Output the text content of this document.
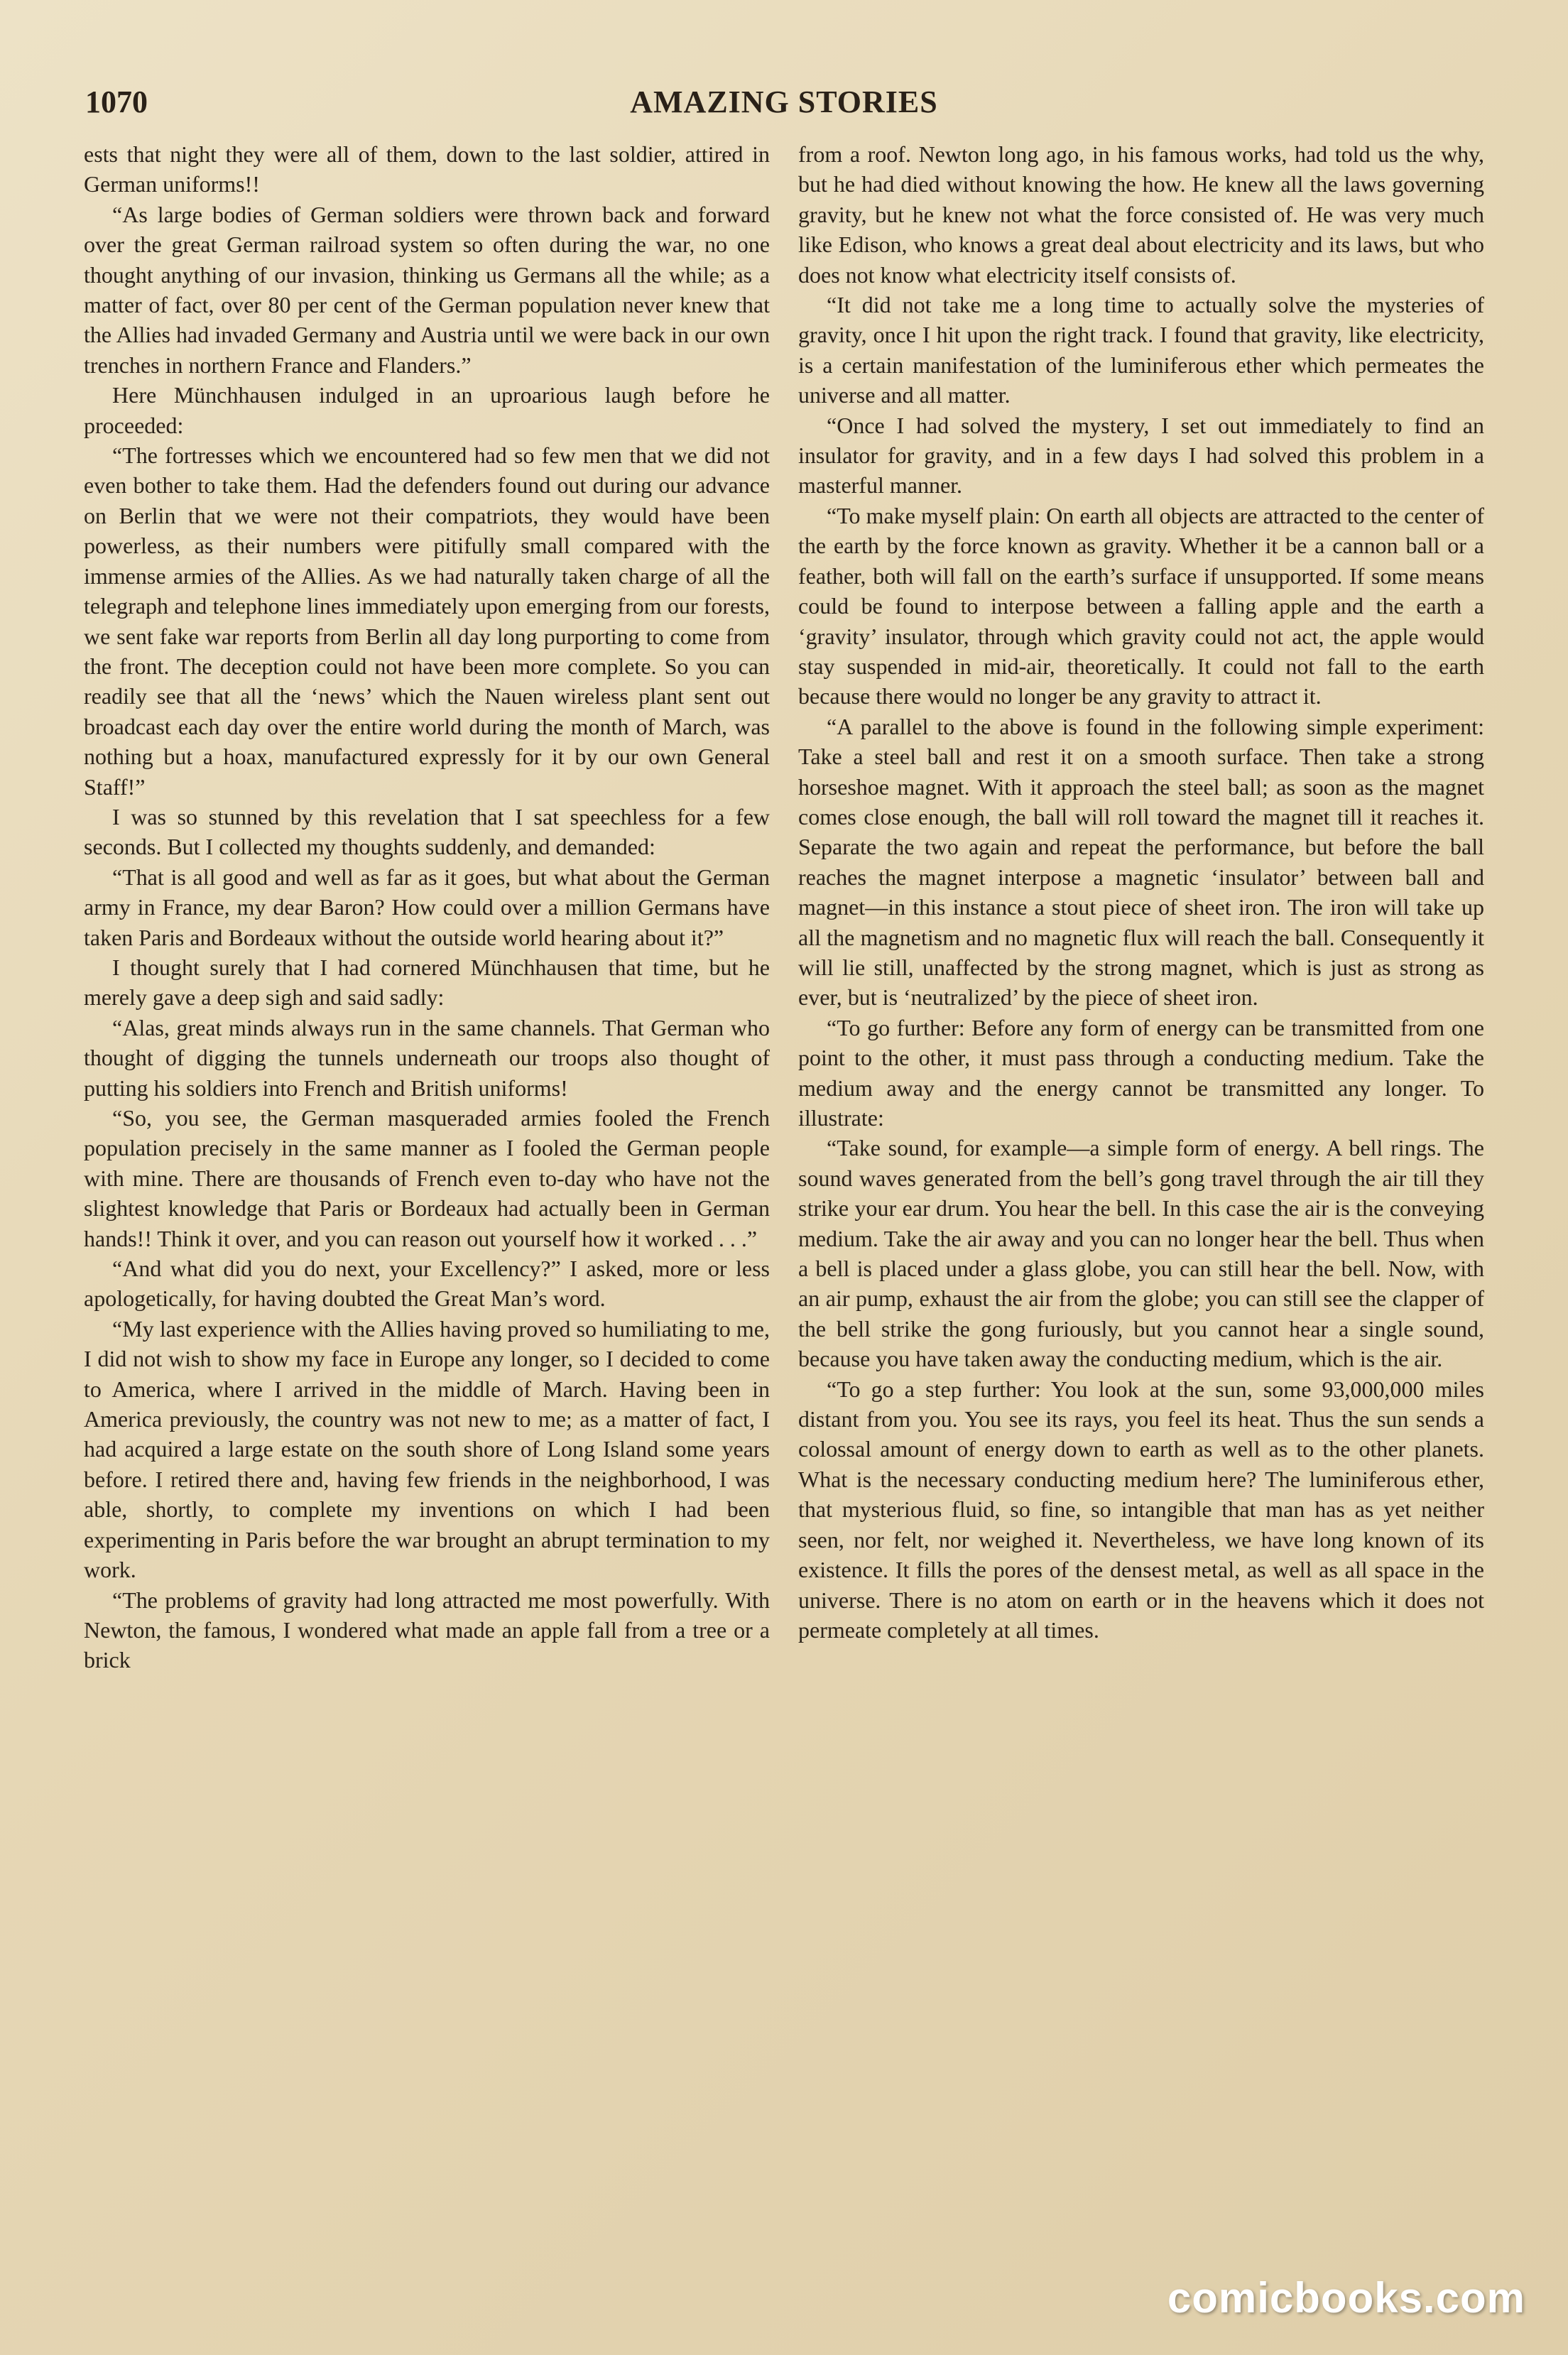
1070	AMAZING STORIES

ests that night they were all of them, down to the last soldier, attired in German uniforms!!

“As large bodies of German soldiers were thrown back and forward over the great German railroad system so often during the war, no one thought anything of our invasion, thinking us Germans all the while; as a matter of fact, over 80 per cent of the German population never knew that the Allies had invaded Germany and Austria until we were back in our own trenches in northern France and Flanders.”

Here Münchhausen indulged in an uproarious laugh before he proceeded:

“The fortresses which we encountered had so few men that we did not even bother to take them. Had the defenders found out during our advance on Berlin that we were not their compatriots, they would have been powerless, as their numbers were pitifully small compared with the immense armies of the Allies. As we had naturally taken charge of all the telegraph and telephone lines immediately upon emerging from our forests, we sent fake war reports from Berlin all day long purporting to come from the front. The deception could not have been more complete. So you can readily see that all the ‘news’ which the Nauen wireless plant sent out broadcast each day over the entire world during the month of March, was nothing but a hoax, manufactured expressly for it by our own General Staff!”

I was so stunned by this revelation that I sat speechless for a few seconds. But I collected my thoughts suddenly, and demanded:

“That is all good and well as far as it goes, but what about the German army in France, my dear Baron? How could over a million Germans have taken Paris and Bordeaux without the outside world hearing about it?”

I thought surely that I had cornered Münchhausen that time, but he merely gave a deep sigh and said sadly:

“Alas, great minds always run in the same channels. That German who thought of digging the tunnels underneath our troops also thought of putting his soldiers into French and British uniforms!

“So, you see, the German masqueraded armies fooled the French population precisely in the same manner as I fooled the German people with mine. There are thousands of French even to-day who have not the slightest knowledge that Paris or Bordeaux had actually been in German hands!! Think it over, and you can reason out yourself how it worked . . .”

“And what did you do next, your Excellency?” I asked, more or less apologetically, for having doubted the Great Man’s word.

“My last experience with the Allies having proved so humiliating to me, I did not wish to show my face in Europe any longer, so I decided to come to America, where I arrived in the middle of March. Having been in America previously, the country was not new to me; as a matter of fact, I had acquired a large estate on the south shore of Long Island some years before. I retired there and, having few friends in the neighborhood, I was able, shortly, to complete my inventions on which I had been experimenting in Paris before the war brought an abrupt termination to my work.

“The problems of gravity had long attracted me most powerfully. With Newton, the famous, I wondered what made an apple fall from a tree or a brick

from a roof. Newton long ago, in his famous works, had told us the why, but he had died without knowing the how. He knew all the laws governing gravity, but he knew not what the force consisted of. He was very much like Edison, who knows a great deal about electricity and its laws, but who does not know what electricity itself consists of.

“It did not take me a long time to actually solve the mysteries of gravity, once I hit upon the right track. I found that gravity, like electricity, is a certain manifestation of the luminiferous ether which permeates the universe and all matter.

“Once I had solved the mystery, I set out immediately to find an insulator for gravity, and in a few days I had solved this problem in a masterful manner.

“To make myself plain: On earth all objects are attracted to the center of the earth by the force known as gravity. Whether it be a cannon ball or a feather, both will fall on the earth’s surface if unsupported. If some means could be found to interpose between a falling apple and the earth a ‘gravity’ insulator, through which gravity could not act, the apple would stay suspended in mid-air, theoretically. It could not fall to the earth because there would no longer be any gravity to attract it.

“A parallel to the above is found in the following simple experiment: Take a steel ball and rest it on a smooth surface. Then take a strong horseshoe magnet. With it approach the steel ball; as soon as the magnet comes close enough, the ball will roll toward the magnet till it reaches it. Separate the two again and repeat the performance, but before the ball reaches the magnet interpose a magnetic ‘insulator’ between ball and magnet—in this instance a stout piece of sheet iron. The iron will take up all the magnetism and no magnetic flux will reach the ball. Consequently it will lie still, unaffected by the strong magnet, which is just as strong as ever, but is ‘neutralized’ by the piece of sheet iron.

“To go further: Before any form of energy can be transmitted from one point to the other, it must pass through a conducting medium. Take the medium away and the energy cannot be transmitted any longer. To illustrate:

“Take sound, for example—a simple form of energy. A bell rings. The sound waves generated from the bell’s gong travel through the air till they strike your ear drum. You hear the bell. In this case the air is the conveying medium. Take the air away and you can no longer hear the bell. Thus when a bell is placed under a glass globe, you can still hear the bell. Now, with an air pump, exhaust the air from the globe; you can still see the clapper of the bell strike the gong furiously, but you cannot hear a single sound, because you have taken away the conducting medium, which is the air.

“To go a step further: You look at the sun, some 93,000,000 miles distant from you. You see its rays, you feel its heat. Thus the sun sends a colossal amount of energy down to earth as well as to the other planets. What is the necessary conducting medium here? The luminiferous ether, that mysterious fluid, so fine, so intangible that man has as yet neither seen, nor felt, nor weighed it. Nevertheless, we have long known of its existence. It fills the pores of the densest metal, as well as all space in the universe. There is no atom on earth or in the heavens which it does not permeate completely at all times.

comicbooks.com
